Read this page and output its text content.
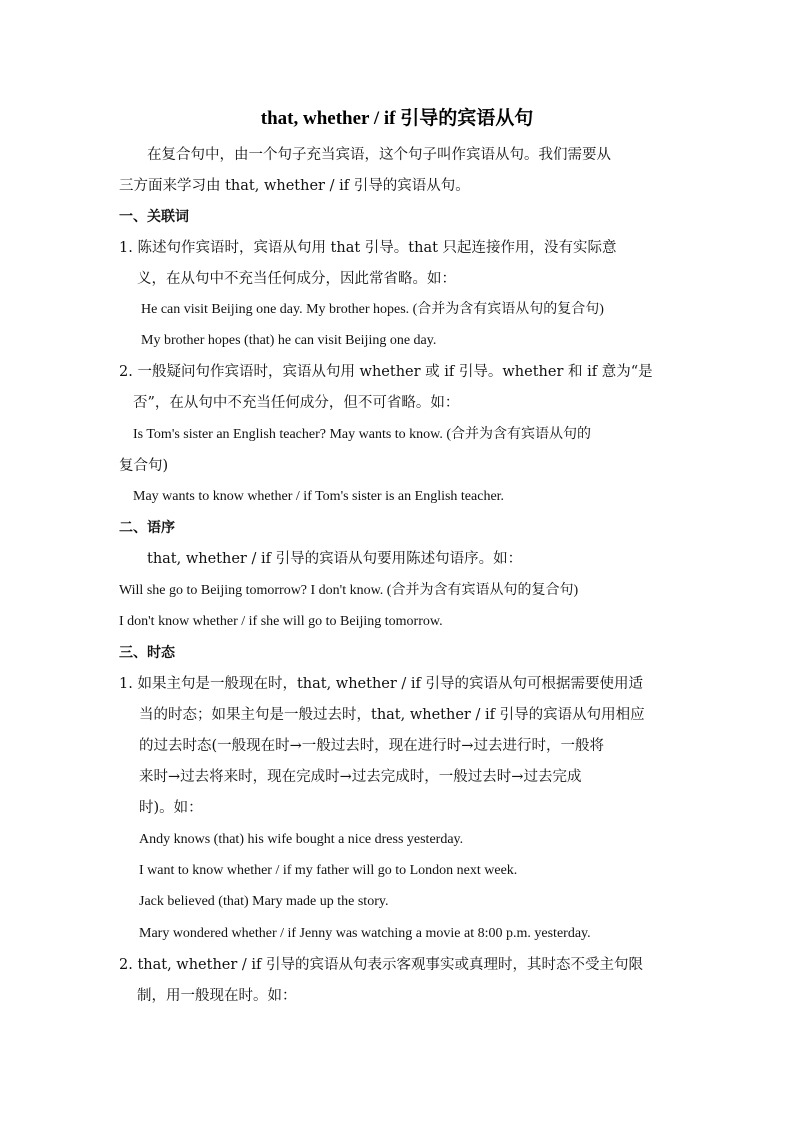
that, whether / if 引导的宾语从句
在复合句中，由一个句子充当宾语，这个句子叫作宾语从句。我们需要从
三方面来学习由 that, whether / if 引导的宾语从句。
一、关联词
1. 陈述句作宾语时，宾语从句用 that 引导。that 只起连接作用，没有实际意
义，在从句中不充当任何成分，因此常省略。如：
He can visit Beijing one day. My brother hopes. (合并为含有宾语从句的复合句)
My brother hopes (that) he can visit Beijing one day.
2. 一般疑问句作宾语时，宾语从句用 whether 或 if 引导。whether 和 if 意为“是
否”，在从句中不充当任何成分，但不可省略。如：
Is Tom's sister an English teacher? May wants to know. (合并为含有宾语从句的
复合句)
May wants to know whether / if Tom's sister is an English teacher.
二、语序
that, whether / if 引导的宾语从句要用陈述句语序。如：
Will she go to Beijing tomorrow? I don't know. (合并为含有宾语从句的复合句)
I don't know whether / if she will go to Beijing tomorrow.
三、时态
1. 如果主句是一般现在时，that, whether / if 引导的宾语从句可根据需要使用适
当的时态；如果主句是一般过去时，that, whether / if 引导的宾语从句用相应
的过去时态(一般现在时→一般过去时，现在进行时→过去进行时，一般将
来时→过去将来时，现在完成时→过去完成时，一般过去时→过去完成
时)。如：
Andy knows (that) his wife bought a nice dress yesterday.
I want to know whether / if my father will go to London next week.
Jack believed (that) Mary made up the story.
Mary wondered whether / if Jenny was watching a movie at 8:00 p.m. yesterday.
2. that, whether / if 引导的宾语从句表示客观事实或真理时，其时态不受主句限
制，用一般现在时。如：
